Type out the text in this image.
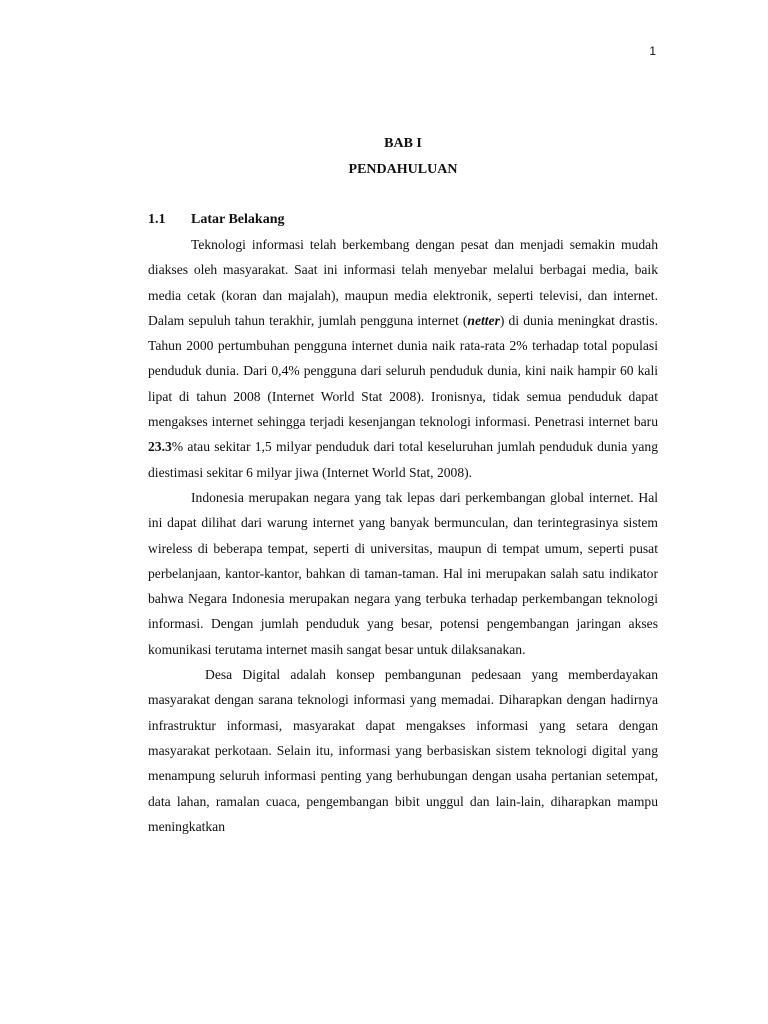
1
BAB I
PENDAHULUAN
1.1 Latar Belakang

Teknologi informasi telah berkembang dengan pesat dan menjadi semakin mudah diakses oleh masyarakat. Saat ini informasi telah menyebar melalui berbagai media, baik media cetak (koran dan majalah), maupun media elektronik, seperti televisi, dan internet. Dalam sepuluh tahun terakhir, jumlah pengguna internet (netter) di dunia meningkat drastis. Tahun 2000 pertumbuhan pengguna internet dunia naik rata-rata 2% terhadap total populasi penduduk dunia. Dari 0,4% pengguna dari seluruh penduduk dunia, kini naik hampir 60 kali lipat di tahun 2008 (Internet World Stat 2008). Ironisnya, tidak semua penduduk dapat mengakses internet sehingga terjadi kesenjangan teknologi informasi. Penetrasi internet baru 23.3% atau sekitar 1,5 milyar penduduk dari total keseluruhan jumlah penduduk dunia yang diestimasi sekitar 6 milyar jiwa (Internet World Stat, 2008).

Indonesia merupakan negara yang tak lepas dari perkembangan global internet. Hal ini dapat dilihat dari warung internet yang banyak bermunculan, dan terintegrasinya sistem wireless di beberapa tempat, seperti di universitas, maupun di tempat umum, seperti pusat perbelanjaan, kantor-kantor, bahkan di taman-taman. Hal ini merupakan salah satu indikator bahwa Negara Indonesia merupakan negara yang terbuka terhadap perkembangan teknologi informasi. Dengan jumlah penduduk yang besar, potensi pengembangan jaringan akses komunikasi terutama internet masih sangat besar untuk dilaksanakan.

Desa Digital adalah konsep pembangunan pedesaan yang memberdayakan masyarakat dengan sarana teknologi informasi yang memadai. Diharapkan dengan hadirnya infrastruktur informasi, masyarakat dapat mengakses informasi yang setara dengan masyarakat perkotaan. Selain itu, informasi yang berbasiskan sistem teknologi digital yang menampung seluruh informasi penting yang berhubungan dengan usaha pertanian setempat, data lahan, ramalan cuaca, pengembangan bibit unggul dan lain-lain, diharapkan mampu meningkatkan
